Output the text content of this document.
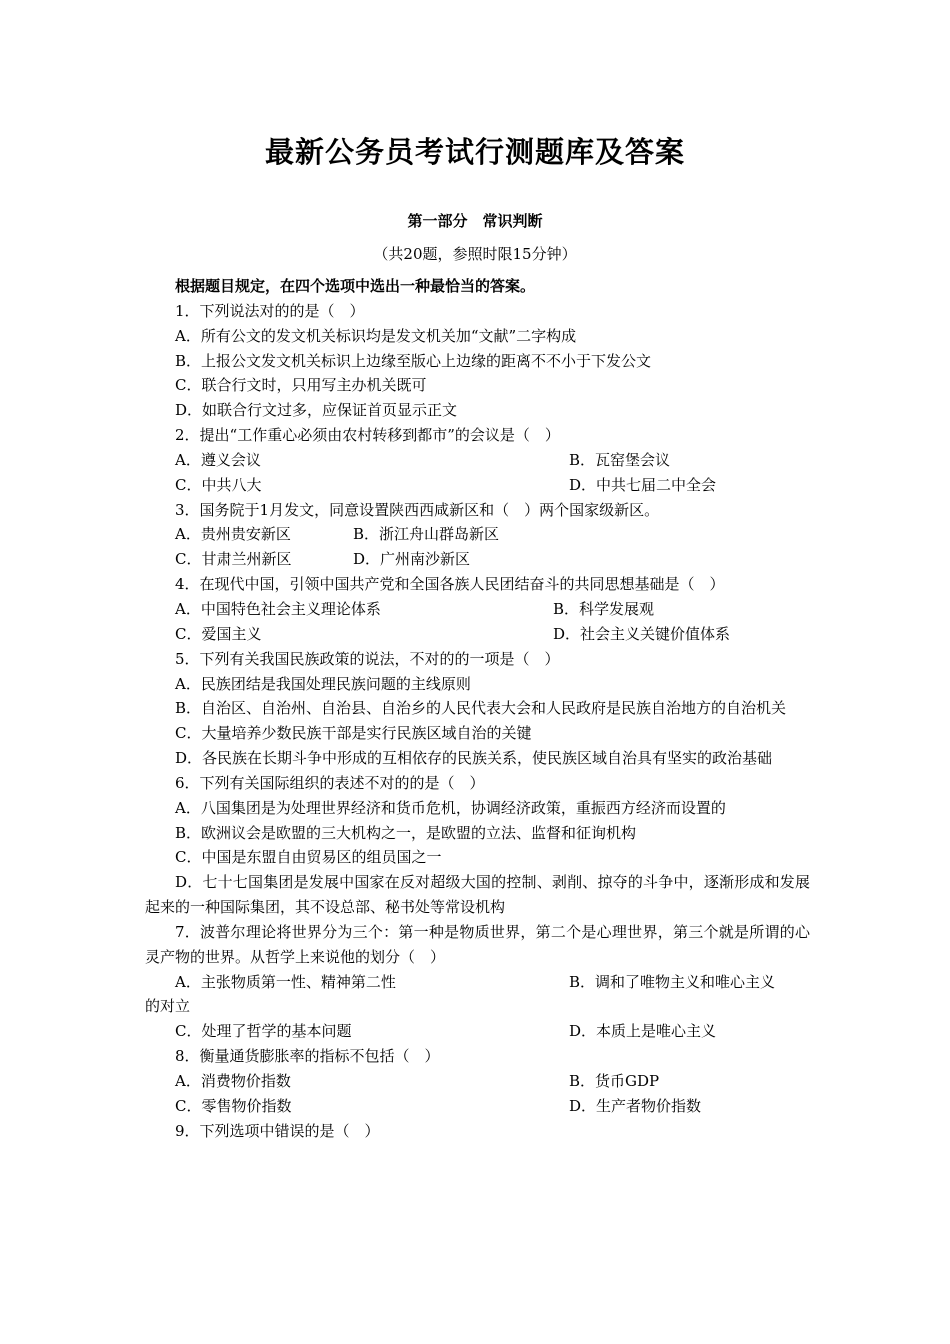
最新公务员考试行测题库及答案
第一部分　常识判断
（共20题，参照时限15分钟）
根据题目规定，在四个选项中选出一种最恰当的答案。
1．下列说法对的的是（　）
A．所有公文的发文机关标识均是发文机关加“文献”二字构成
B．上报公文发文机关标识上边缘至版心上边缘的距离不不小于下发公文
C．联合行文时，只用写主办机关既可
D．如联合行文过多，应保证首页显示正文
2．提出“工作重心必须由农村转移到都市”的会议是（　）
A．遵义会议	B．瓦窑堡会议
C．中共八大	D．中共七届二中全会
3．国务院于1月发文，同意设置陕西西咸新区和（　）两个国家级新区。
A．贵州贵安新区	B．浙江舟山群岛新区
C．甘肃兰州新区	D．广州南沙新区
4．在现代中国，引领中国共产党和全国各族人民团结奋斗的共同思想基础是（　）
A．中国特色社会主义理论体系	B．科学发展观
C．爱国主义	D．社会主义关键价值体系
5．下列有关我国民族政策的说法，不对的的一项是（　）
A．民族团结是我国处理民族问题的主线原则
B．自治区、自治州、自治县、自治乡的人民代表大会和人民政府是民族自治地方的自治机关
C．大量培养少数民族干部是实行民族区域自治的关键
D．各民族在长期斗争中形成的互相依存的民族关系，使民族区域自治具有坚实的政治基础
6．下列有关国际组织的表述不对的的是（　）
A．八国集团是为处理世界经济和货币危机，协调经济政策，重振西方经济而设置的
B．欧洲议会是欧盟的三大机构之一，是欧盟的立法、监督和征询机构
C．中国是东盟自由贸易区的组员国之一
D．七十七国集团是发展中国家在反对超级大国的控制、剥削、掠夺的斗争中，逐渐形成和发展起来的一种国际集团，其不设总部、秘书处等常设机构
7．波普尔理论将世界分为三个：第一种是物质世界，第二个是心理世界，第三个就是所谓的心灵产物的世界。从哲学上来说他的划分（　）
A．主张物质第一性、精神第二性	B．调和了唯物主义和唯心主义
的对立
C．处理了哲学的基本问题	D．本质上是唯心主义
8．衡量通货膨胀率的指标不包括（　）
A．消费物价指数	B．货币GDP
C．零售物价指数	D．生产者物价指数
9．下列选项中错误的是（　）
